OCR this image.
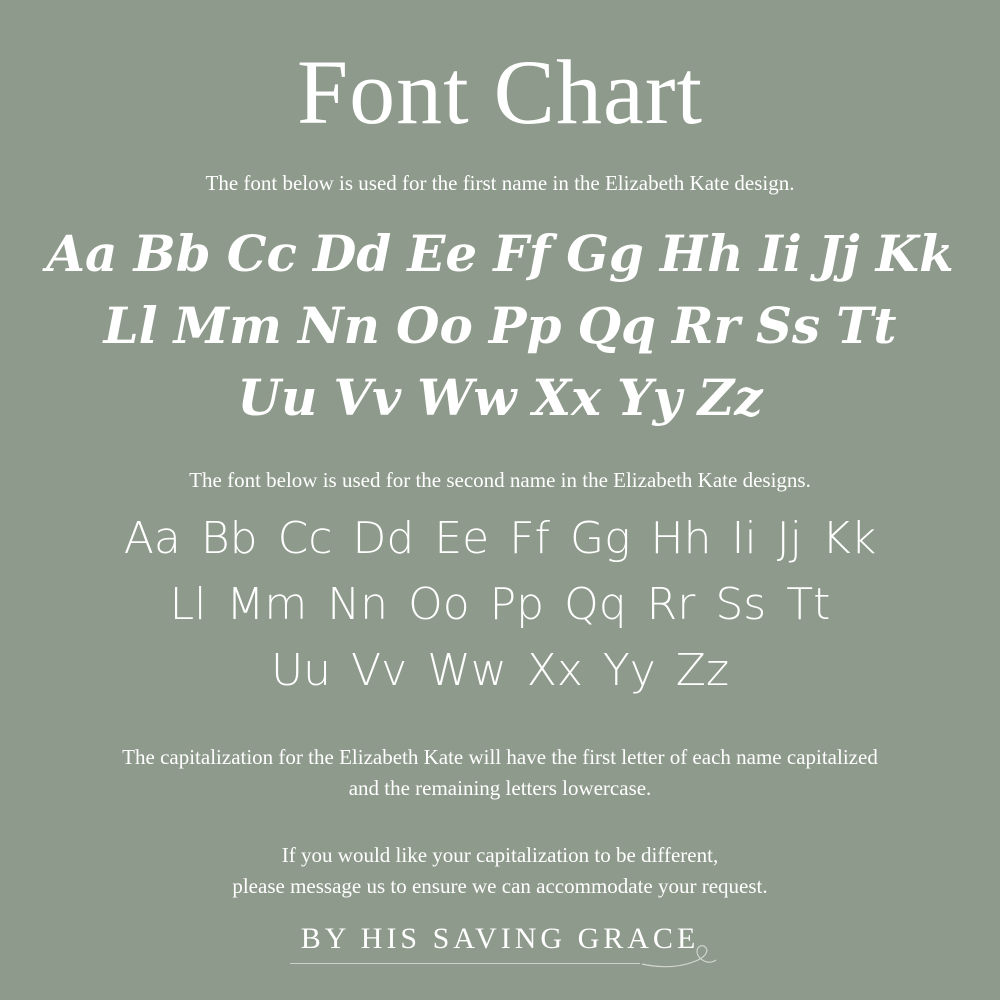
Font Chart
The font below is used for the first name in the Elizabeth Kate design.
Aa Bb Cc Dd Ee Ff Gg Hh Ii Jj Kk
Ll Mm Nn Oo Pp Qq Rr Ss Tt
Uu Vv Ww Xx Yy Zz
The font below is used for the second name in the Elizabeth Kate designs.
Aa Bb Cc Dd Ee Ff Gg Hh Ii Jj Kk
Ll Mm Nn Oo Pp Qq Rr Ss Tt
Uu Vv Ww Xx Yy Zz
The capitalization for the Elizabeth Kate will have the first letter of each name capitalized
and the remaining letters lowercase.
If you would like your capitalization to be different,
please message us to ensure we can accommodate your request.
BY HIS SAVING GRACE
